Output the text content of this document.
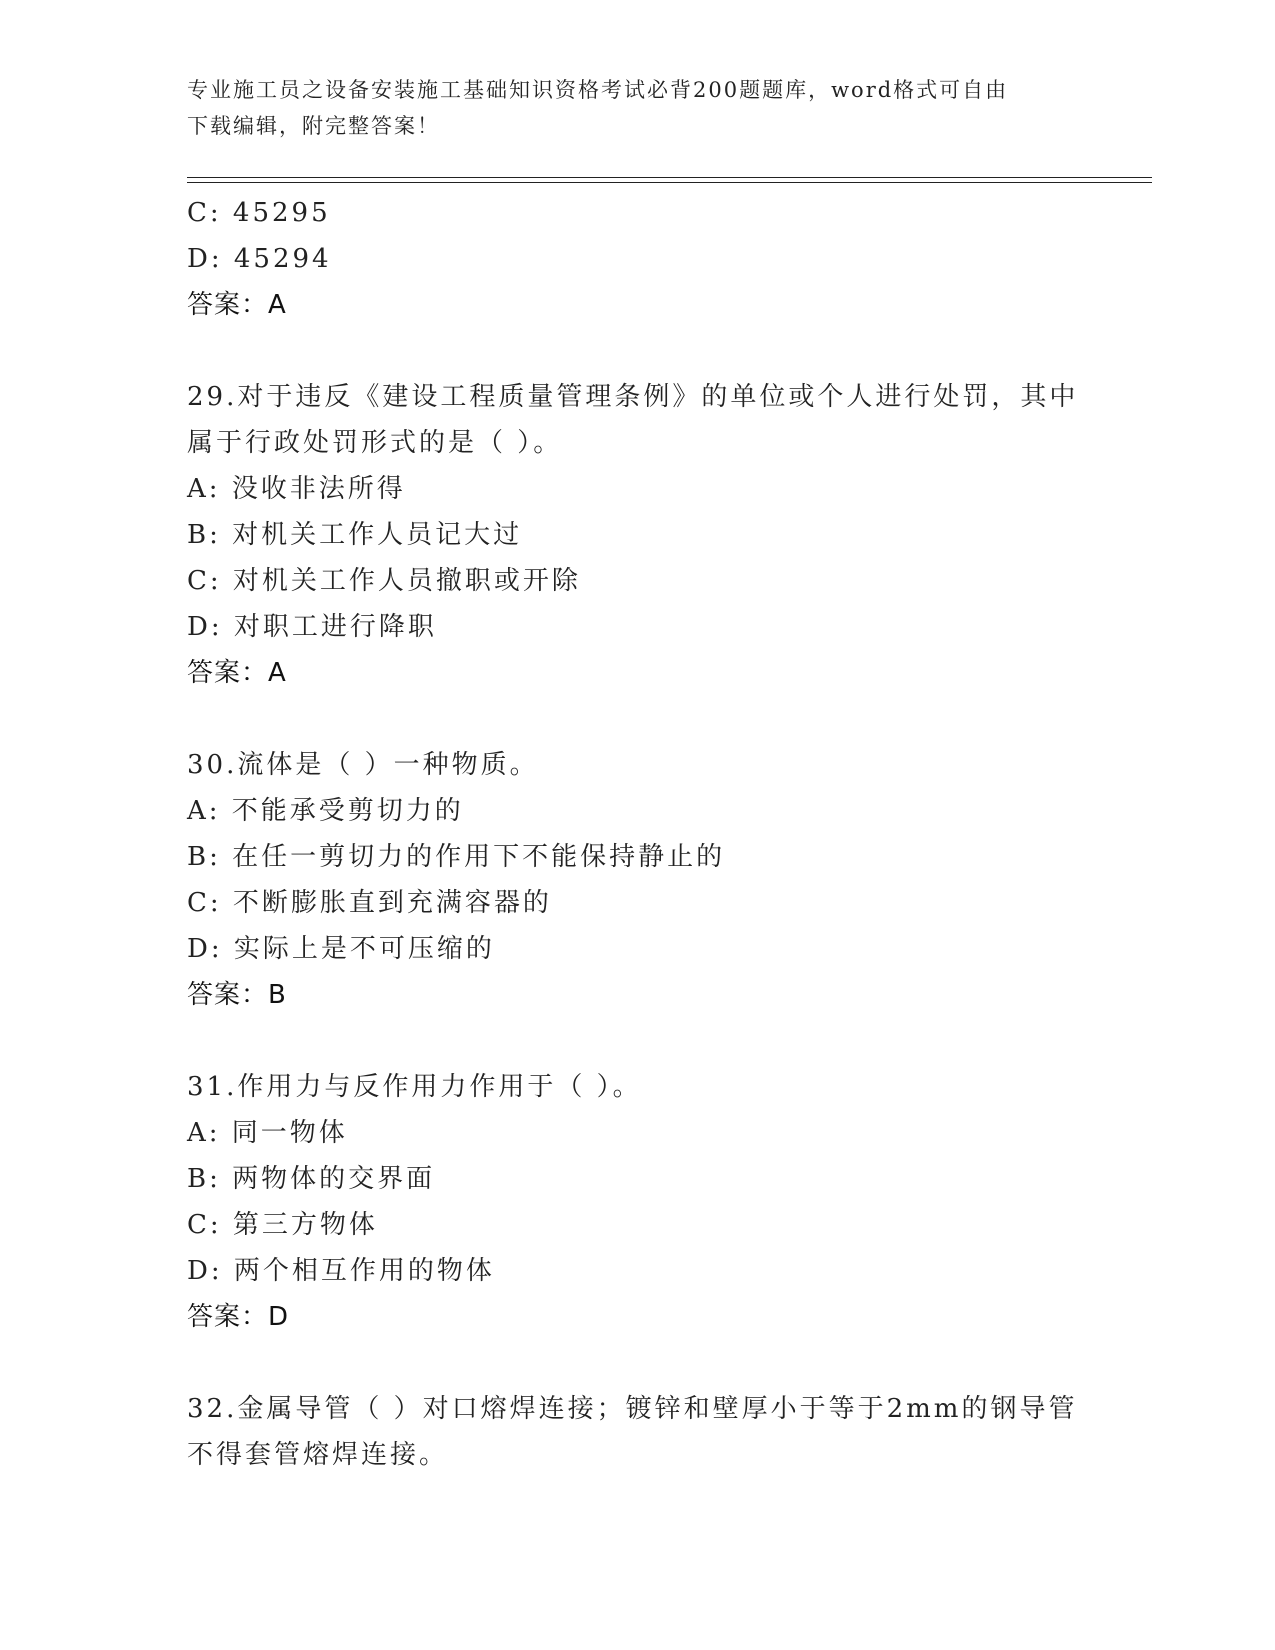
专业施工员之设备安装施工基础知识资格考试必背200题题库，word格式可自由
下载编辑，附完整答案！
C: 45295
D: 45294
答案：A
29.对于违反《建设工程质量管理条例》的单位或个人进行处罚，其中
属于行政处罚形式的是（ ）。
A: 没收非法所得
B: 对机关工作人员记大过
C: 对机关工作人员撤职或开除
D: 对职工进行降职
答案：A
30.流体是（ ）一种物质。
A: 不能承受剪切力的
B: 在任一剪切力的作用下不能保持静止的
C: 不断膨胀直到充满容器的
D: 实际上是不可压缩的
答案：B
31.作用力与反作用力作用于（ ）。
A: 同一物体
B: 两物体的交界面
C: 第三方物体
D: 两个相互作用的物体
答案：D
32.金属导管（ ）对口熔焊连接；镀锌和壁厚小于等于2mm的钢导管
不得套管熔焊连接。
